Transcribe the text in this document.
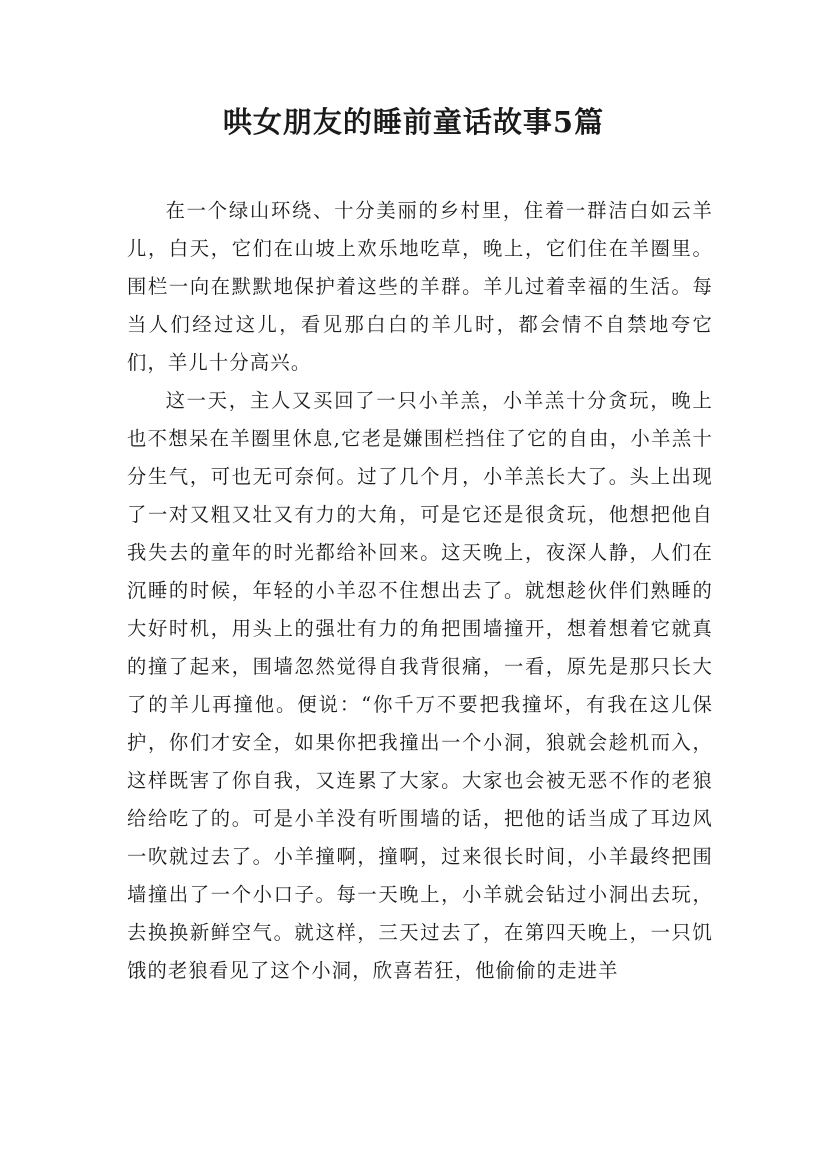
哄女朋友的睡前童话故事5篇

在一个绿山环绕、十分美丽的乡村里，住着一群洁白如云羊儿，白天，它们在山坡上欢乐地吃草，晚上，它们住在羊圈里。围栏一向在默默地保护着这些的羊群。羊儿过着幸福的生活。每当人们经过这儿，看见那白白的羊儿时，都会情不自禁地夸它们，羊儿十分高兴。

这一天，主人又买回了一只小羊羔，小羊羔十分贪玩，晚上也不想呆在羊圈里休息,它老是嫌围栏挡住了它的自由，小羊羔十分生气，可也无可奈何。过了几个月，小羊羔长大了。头上出现了一对又粗又壮又有力的大角，可是它还是很贪玩，他想把他自我失去的童年的时光都给补回来。这天晚上，夜深人静，人们在沉睡的时候，年轻的小羊忍不住想出去了。就想趁伙伴们熟睡的大好时机，用头上的强壮有力的角把围墙撞开，想着想着它就真的撞了起来，围墙忽然觉得自我背很痛，一看，原先是那只长大了的羊儿再撞他。便说：“你千万不要把我撞坏，有我在这儿保护，你们才安全，如果你把我撞出一个小洞，狼就会趁机而入，这样既害了你自我，又连累了大家。大家也会被无恶不作的老狼给给吃了的。可是小羊没有听围墙的话，把他的话当成了耳边风一吹就过去了。小羊撞啊，撞啊，过来很长时间，小羊最终把围墙撞出了一个小口子。每一天晚上，小羊就会钻过小洞出去玩，去换换新鲜空气。就这样，三天过去了，在第四天晚上，一只饥饿的老狼看见了这个小洞，欣喜若狂，他偷偷的走进羊
